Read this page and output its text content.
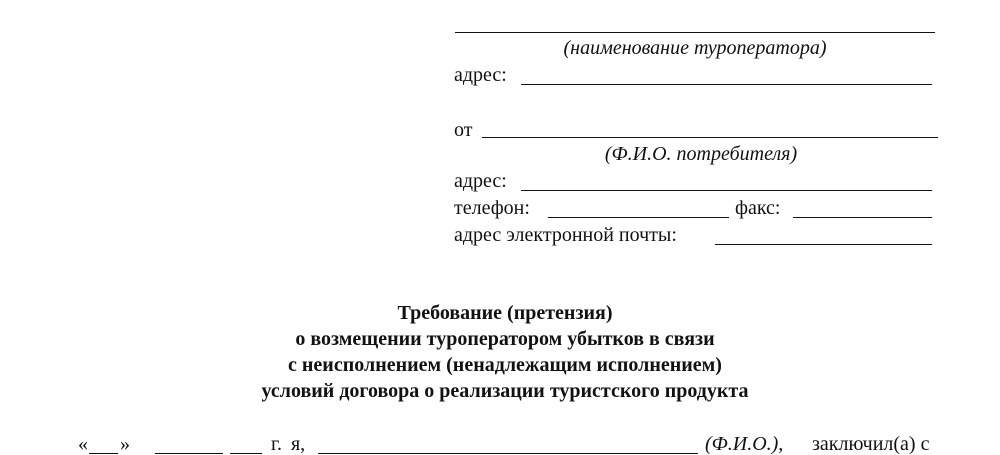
(наименование туроператора)
адрес:
от
(Ф.И.О. потребителя)
адрес:
телефон:	факс:
адрес электронной почты:
Требование (претензия)
о возмещении туроператором убытков в связи
с неисполнением (ненадлежащим исполнением)
условий договора о реализации туристского продукта
« »	г. я,	(Ф.И.О.), заключил(а) с
